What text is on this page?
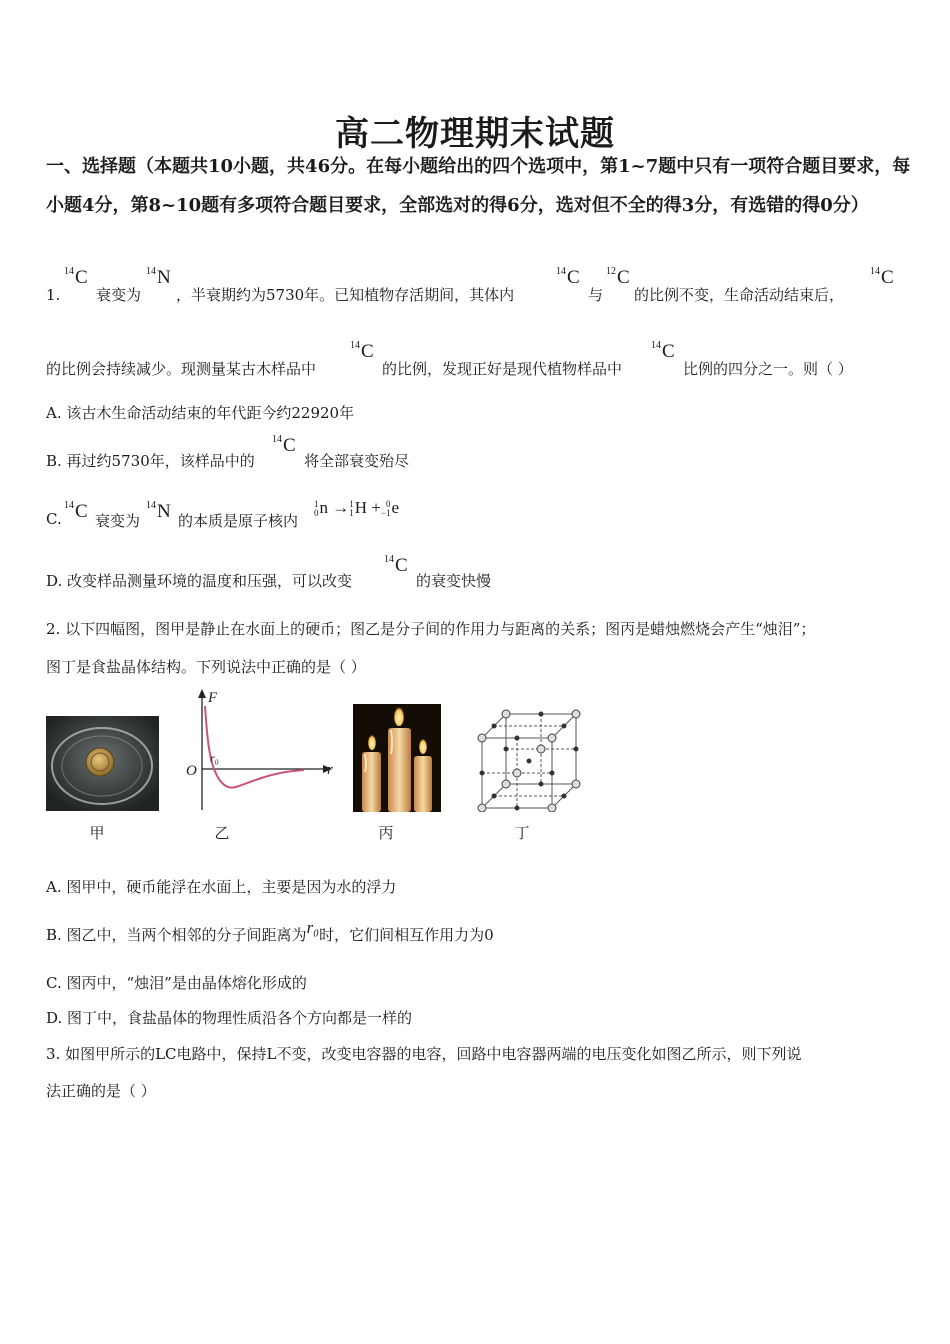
高二物理期末试题
一、选择题（本题共10小题，共46分。在每小题给出的四个选项中，第1~7题中只有一项符合题目要求，每小题4分，第8~10题有多项符合题目要求，全部选对的得6分，选对但不全的得3分，有选错的得0分）
1.
$^{14}$C
衰变为
$^{14}$N
，半衰期约为5730年。已知植物存活期间，其体内
$^{14}$C
与
$^{12}$C
的比例不变，生命活动结束后，
$^{14}$C
的比例会持续减少。现测量某古木样品中
$^{14}$C
的比例，发现正好是现代植物样品中
$^{14}$C
比例的四分之一。则（ ）
A. 该古木生命活动结束的年代距今约22920年
B. 再过约5730年，该样品中的
$^{14}$C
将全部衰变殆尽
C.
$^{14}$C 衰变为
$^{14}$N 的本质是原子核内
1
0n →1
1H + 0
−1e
D. 改变样品测量环境的温度和压强，可以改变
$^{14}$C
的衰变快慢
2. 以下四幅图，图甲是静止在水面上的硬币；图乙是分子间的作用力与距离的关系；图丙是蜡烛燃烧会产生“烛泪”；
图丁是食盐晶体结构。下列说法中正确的是（ ）
甲
F
r
O
r₀
乙	丙	丁
A. 图甲中，硬币能浮在水面上，主要是因为水的浮力
B. 图乙中，当两个相邻的分子间距离为r₀时，它们间相互作用力为0
C. 图丙中，“烛泪”是由晶体熔化形成的
D. 图丁中，食盐晶体的物理性质沿各个方向都是一样的
3. 如图甲所示的LC电路中，保持L不变，改变电容器的电容，回路中电容器两端的电压变化如图乙所示，则下列说
法正确的是（ ）
